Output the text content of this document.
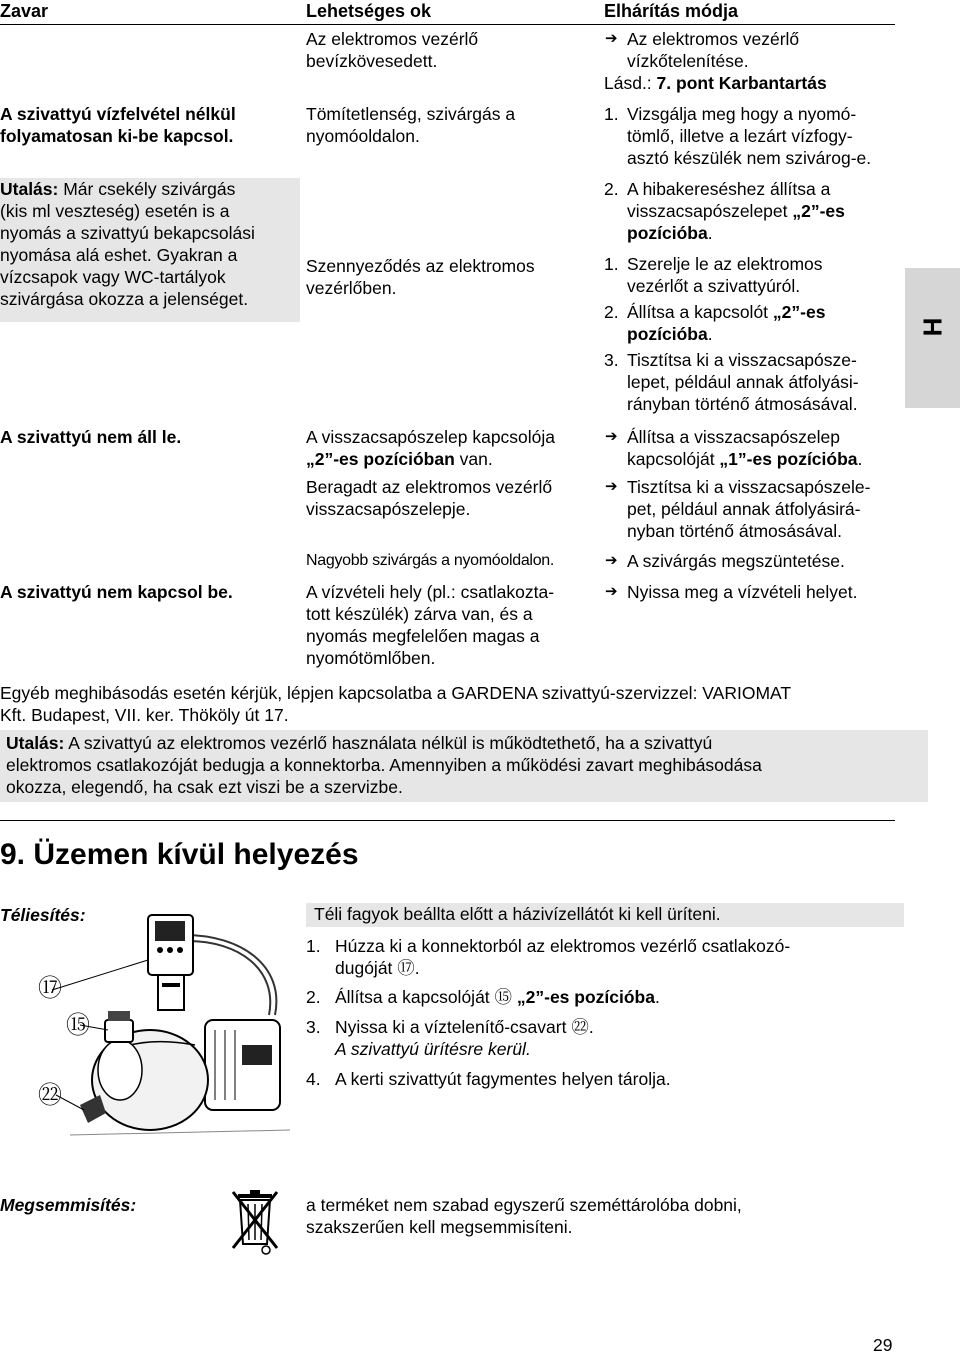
Zavar	Lehetséges ok	Elhárítás módja
Az elektromos vezérlő bevízkövesedett.
➔ Az elektromos vezérlő
vízkőtelenítése.
Lásd.: 7. pont Karbantartás
A szivattyú vízfelvétel nélkül
folyamatosan ki-be kapcsol.
Utalás: Már csekély szivárgás
(kis ml veszteség) esetén is a
nyomás a szivattyú bekapcsolási
nyomása alá eshet. Gyakran a
vízcsapok vagy WC-tartályok
szivárgása okozza a jelenséget.
Tömítetlenség, szivárgás a
nyomóoldalon.
1. Vizsgálja meg hogy a nyomó-
tömlő, illetve a lezárt vízfogy-
asztó készülék nem szivárog-e.
2. A hibakereséshez állítsa a
visszacsapószelepet „2”-es
pozícióba.
Szennyeződés az elektromos
vezérlőben.
1. Szerelje le az elektromos
vezérlőt a szivattyúról.
2. Állítsa a kapcsolót „2”-es
pozícióba.
3. Tisztítsa ki a visszacsapósze-
lepet, például annak átfolyási-
rányban történő átmosásával.
A szivattyú nem áll le.	A visszacsapószelep kapcsolója
„2”-es pozícióban van.
➔ Állítsa a visszacsapószelep
kapcsolóját „1”-es pozícióba.
Beragadt az elektromos vezérlő
visszacsapószelepje.
➔ Tisztítsa ki a visszacsapószele-
pet, például annak átfolyásirá-
nyban történő átmosásával.
Nagyobb szivárgás a nyomóoldalon.
➔	A szivárgás megszüntetése.
A szivattyú nem kapcsol be.	A vízvételi hely (pl.: csatlakozta-
tott készülék) zárva van, és a
nyomás megfelelően magas a
nyomótömlőben.
➔ Nyissa meg a vízvételi helyet.
Egyéb meghibásodás esetén kérjük, lépjen kapcsolatba a GARDENA szivattyú-szervizzel: VARIOMAT
Kft. Budapest, VII. ker. Thököly út 17.
Utalás: A szivattyú az elektromos vezérlő használata nélkül is működtethető, ha a szivattyú
elektromos csatlakozóját bedugja a konnektorba. Amennyiben a működési zavart meghibásodása
okozza, elegendő, ha csak ezt viszi be a szervizbe.
9. Üzemen kívül helyezés
Téliesítés:
⑰
⑮
㉒
Téli fagyok beállta előtt a házivízellátót ki kell üríteni.
1. Húzza ki a konnektorból az elektromos vezérlő csatlakozó-
dugóját ⑰.
2. Állítsa a kapcsolóját ⑮ „2”-es pozícióba.
3. Nyissa ki a víztelenítő-csavart ㉒.
A szivattyú ürítésre kerül.
4. A kerti szivattyút fagymentes helyen tárolja.
Megsemmisítés:	a terméket nem szabad egyszerű szeméttárolóba dobni,
szakszerűen kell megsemmisíteni.
H
29
